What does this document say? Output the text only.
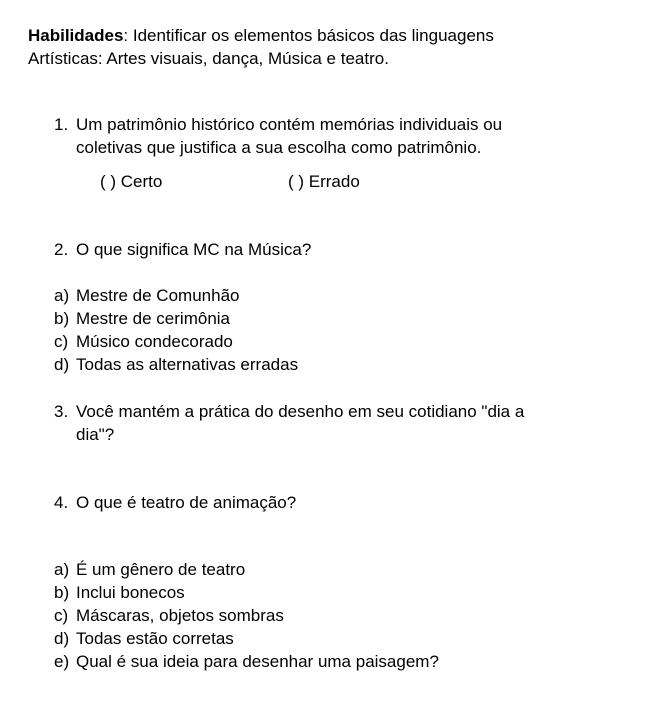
Habilidades: Identificar os elementos básicos das linguagens
Artísticas: Artes visuais, dança, Música e teatro.
1. Um patrimônio histórico contém memórias individuais ou
coletivas que justifica a sua escolha como patrimônio.
( ) Certo	( ) Errado
2. O que significa MC na Música?
a) Mestre de Comunhão
b) Mestre de cerimônia
c) Músico condecorado
d) Todas as alternativas erradas
3. Você mantém a prática do desenho em seu cotidiano "dia a
dia"?
4. O que é teatro de animação?
a) É um gênero de teatro
b) Inclui bonecos
c) Máscaras, objetos sombras
d) Todas estão corretas
e) Qual é sua ideia para desenhar uma paisagem?
